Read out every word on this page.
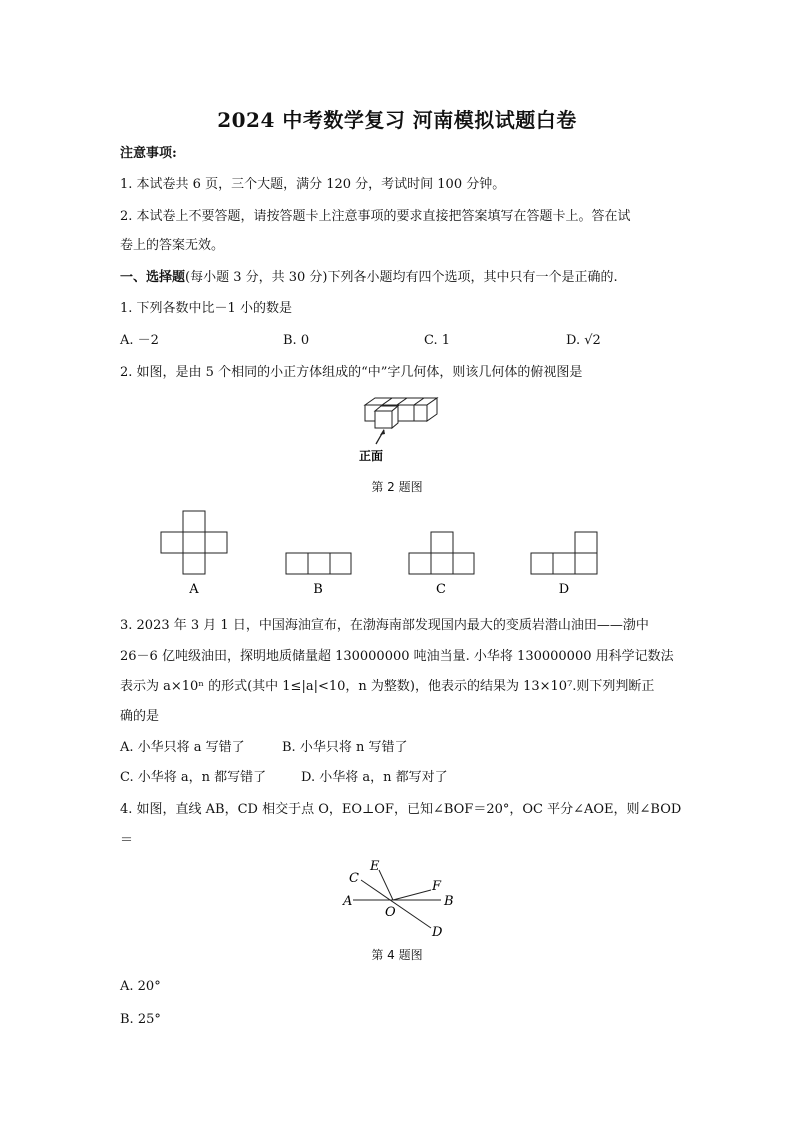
2024 中考数学复习 河南模拟试题白卷
注意事项:
1. 本试卷共 6 页，三个大题，满分 120 分，考试时间 100 分钟。
2. 本试卷上不要答题，请按答题卡上注意事项的要求直接把答案填写在答题卡上。答在试
卷上的答案无效。
一、选择题(每小题 3 分，共 30 分)下列各小题均有四个选项，其中只有一个是正确的.
1. 下列各数中比－1 小的数是
A. －2	B. 0	C. 1	D. √2
2. 如图，是由 5 个相同的小正方体组成的“中”字几何体，则该几何体的俯视图是
正面
第 2 题图
A	B	C	D
3. 2023 年 3 月 1 日，中国海油宣布，在渤海南部发现国内最大的变质岩潜山油田——渤中
26－6 亿吨级油田，探明地质储量超 130000000 吨油当量. 小华将 130000000 用科学记数法
表示为 a×10ⁿ 的形式(其中 1≤|a|<10，n 为整数)，他表示的结果为 13×10⁷.则下列判断正
确的是
A. 小华只将 a 写错了	B. 小华只将 n 写错了
C. 小华将 a，n 都写错了	D. 小华将 a，n 都写对了
4. 如图，直线 AB，CD 相交于点 O，EO⊥OF，已知∠BOF＝20°，OC 平分∠AOE，则∠BOD
＝
A	B
C
D
E
F
O
第 4 题图
A. 20°
B. 25°
